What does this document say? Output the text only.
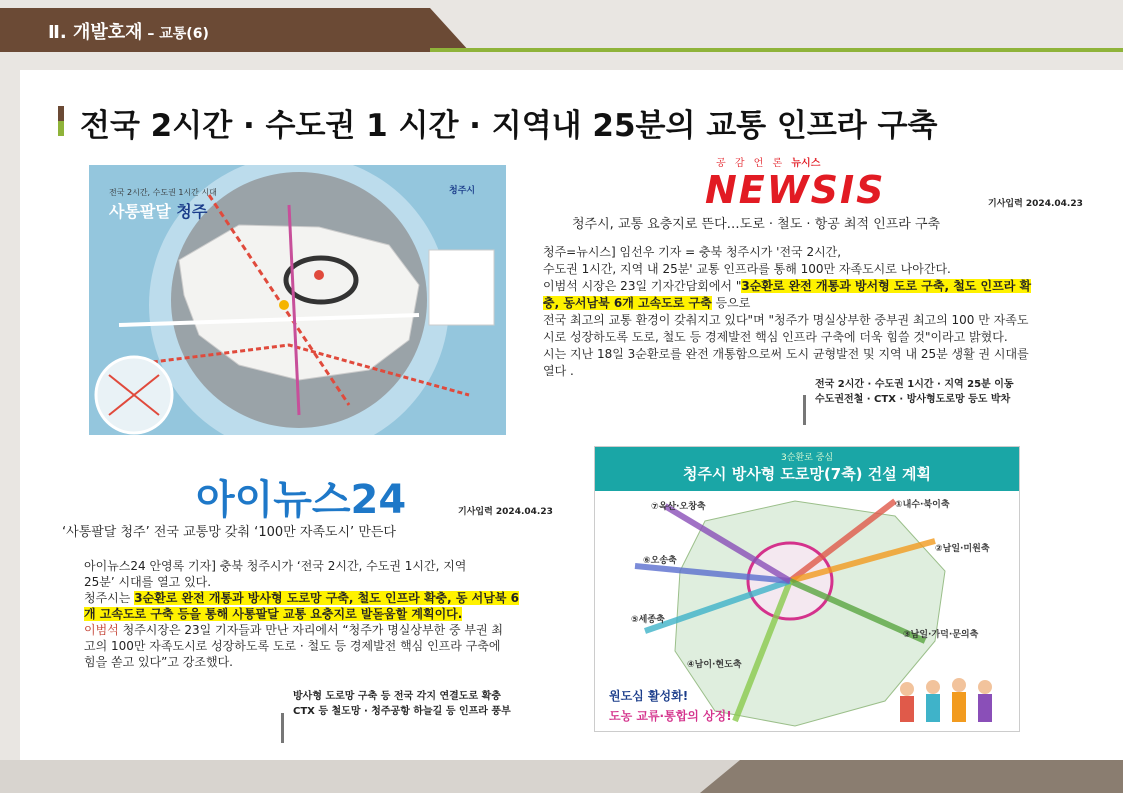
Ⅱ. 개발호재 – 교통(6)
전국 2시간 · 수도권 1 시간 · 지역내 25분의 교통 인프라 구축
전국 2시간, 수도권 1시간 시대
사통팔달 청주
청주시
공 감 언 론 뉴시스
NEWSIS	기사입력 2024.04.23
청주시, 교통 요충지로 뜬다…도로 · 철도 · 항공 최적 인프라 구축

청주=뉴시스] 임선우 기자 = 충북 청주시가 '전국 2시간,
수도권 1시간, 지역 내 25분' 교통 인프라를 통해 100만 자족도시로 나아간다.

이범석 시장은 23일 기자간담회에서 "3순환로 완전 개통과 방서형 도로 구축, 철도 인프라 확
충, 동서남북 6개 고속도로 구축 등으로

전국 최고의 교통 환경이 갖춰지고 있다"며 "청주가 명실상부한 중부권 최고의 100 만 자족도
시로 성장하도록 도로, 철도 등 경제발전 핵심 인프라 구축에 더욱 힘쓸 것"이라고 밝혔다.
시는 지난 18일 3순환로를 완전 개통함으로써 도시 균형발전 및 지역 내 25분 생활 권 시대를
열다 .

전국 2시간 · 수도권 1시간 · 지역 25분 이동
수도권전철 · CTX · 방사형도로망 등도 박차
아이뉴스24	기사입력 2024.04.23
‘사통팔달 청주’ 전국 교통망 갖춰 ‘100만 자족도시’ 만든다

아이뉴스24 안영록 기자] 충북 청주시가 ‘전국 2시간, 수도권 1시간, 지역
25분’ 시대를 열고 있다.

청주시는 3순환로 완전 개통과 방사형 도로망 구축, 철도 인프라 확충, 동 서남북 6
개 고속도로 구축 등을 통해 사통팔달 교통 요충지로 발돋움할 계획이다.

이범석 청주시장은 23일 기자들과 만난 자리에서 “청주가 명실상부한 중 부권 최
고의 100만 자족도시로 성장하도록 도로 · 철도 등 경제발전 핵심 인프라 구축에
힘을 쏟고 있다”고 강조했다.

방사형 도로망 구축 등 전국 각지 연결도로 확충
CTX 등 철도망 · 청주공항 하늘길 등 인프라 풍부
3순환로 중심
청주시 방사형 도로망(7축) 건설 계획
①내수·북이축
②남일·미원축
③남일·가덕·문의축
④남이·현도축
⑤세종축
⑥오송축
⑦옥산·오창축
원도심 활성화!
도농 교류·통합의 상징!
